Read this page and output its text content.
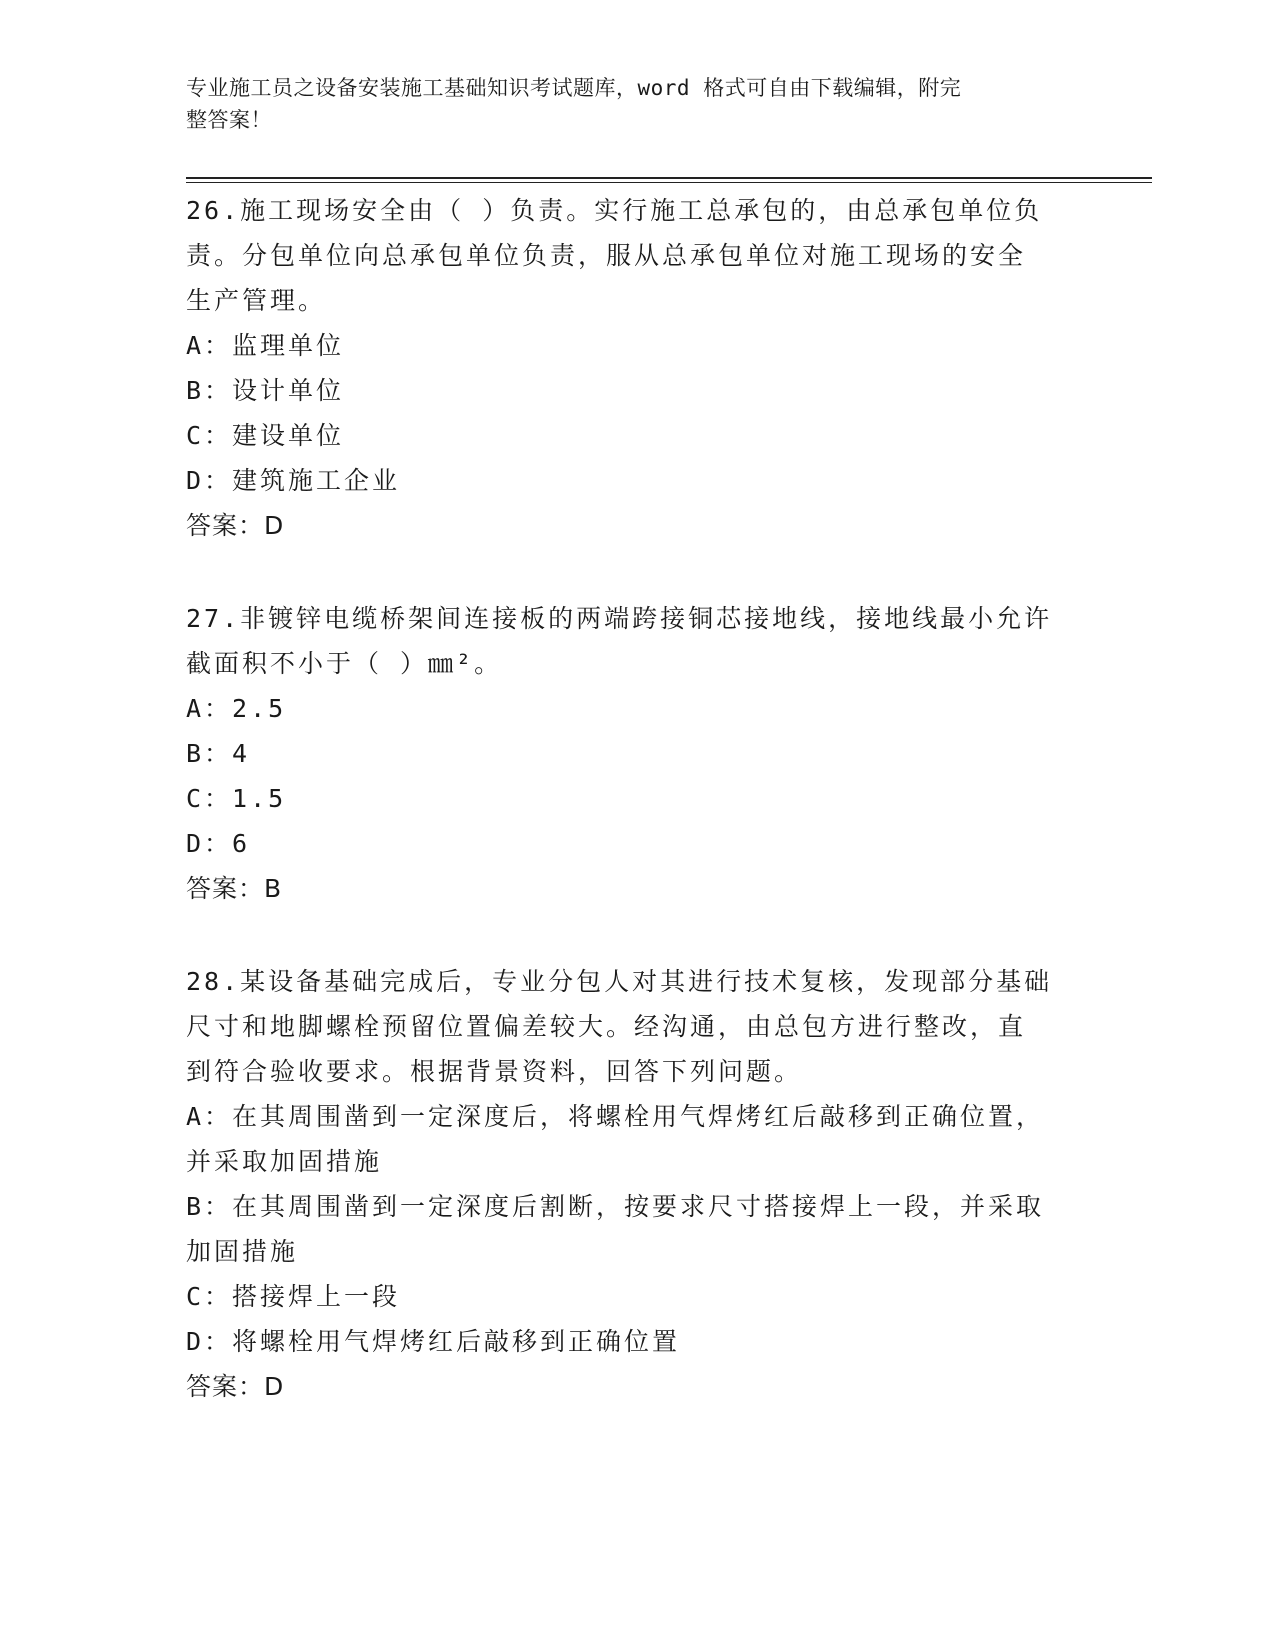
专业施工员之设备安装施工基础知识考试题库，word 格式可自由下载编辑，附完
整答案！
26.施工现场安全由（ ）负责。实行施工总承包的，由总承包单位负
责。分包单位向总承包单位负责，服从总承包单位对施工现场的安全
生产管理。
A：监理单位
B：设计单位
C：建设单位
D：建筑施工企业
答案：D
27.非镀锌电缆桥架间连接板的两端跨接铜芯接地线，接地线最小允许
截面积不小于（ ）㎜²。
A：2.5
B：4
C：1.5
D：6
答案：B
28.某设备基础完成后，专业分包人对其进行技术复核，发现部分基础
尺寸和地脚螺栓预留位置偏差较大。经沟通，由总包方进行整改，直
到符合验收要求。根据背景资料，回答下列问题。
A：在其周围凿到一定深度后，将螺栓用气焊烤红后敲移到正确位置，
并采取加固措施
B：在其周围凿到一定深度后割断，按要求尺寸搭接焊上一段，并采取
加固措施
C：搭接焊上一段
D：将螺栓用气焊烤红后敲移到正确位置
答案：D
